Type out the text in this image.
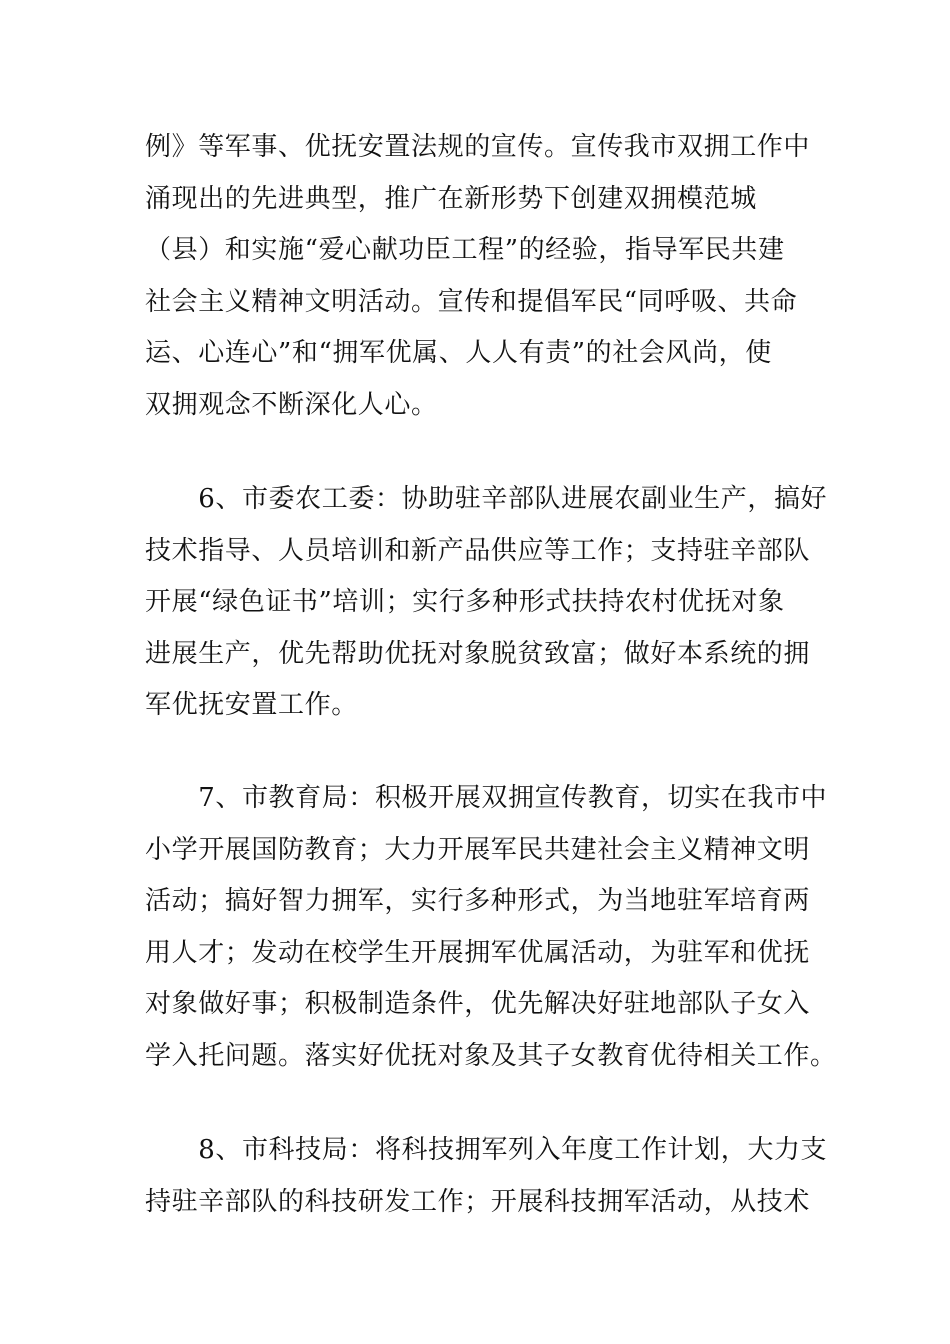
例》等军事、优抚安置法规的宣传。宣传我市双拥工作中
涌现出的先进典型，推广在新形势下创建双拥模范城
（县）和实施“爱心献功臣工程”的经验，指导军民共建
社会主义精神文明活动。宣传和提倡军民“同呼吸、共命
运、心连心”和“拥军优属、人人有责”的社会风尚，使
双拥观念不断深化人心。

　　6、市委农工委：协助驻辛部队进展农副业生产，搞好
技术指导、人员培训和新产品供应等工作；支持驻辛部队
开展“绿色证书”培训；实行多种形式扶持农村优抚对象
进展生产，优先帮助优抚对象脱贫致富；做好本系统的拥
军优抚安置工作。

　　7、市教育局：积极开展双拥宣传教育，切实在我市中
小学开展国防教育；大力开展军民共建社会主义精神文明
活动；搞好智力拥军，实行多种形式，为当地驻军培育两
用人才；发动在校学生开展拥军优属活动，为驻军和优抚
对象做好事；积极制造条件，优先解决好驻地部队子女入
学入托问题。落实好优抚对象及其子女教育优待相关工作。

　　8、市科技局：将科技拥军列入年度工作计划，大力支
持驻辛部队的科技研发工作；开展科技拥军活动，从技术
